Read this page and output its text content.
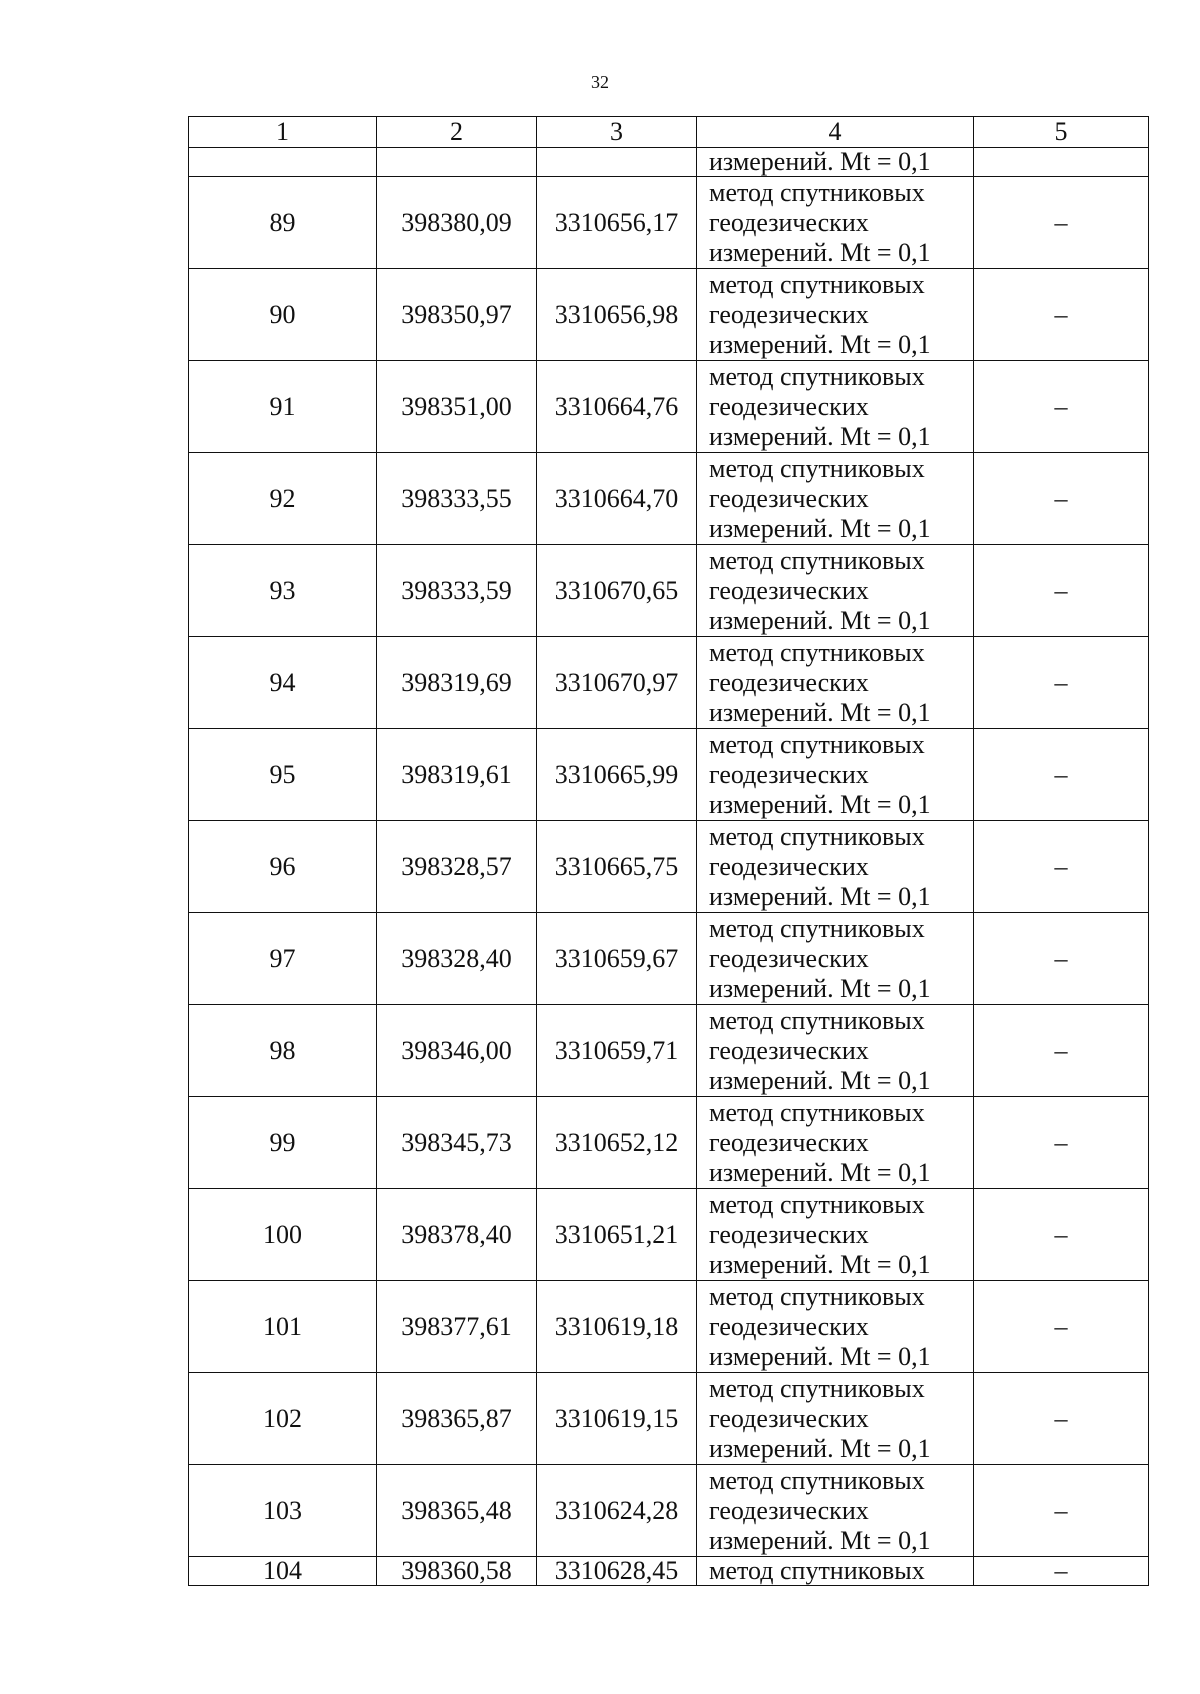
32
1	2	3	4	5
			измерений. Mt = 0,1	
89	398380,09	3310656,17	метод спутниковых
геодезических
измерений. Mt = 0,1	–
90	398350,97	3310656,98	метод спутниковых
геодезических
измерений. Mt = 0,1	–
91	398351,00	3310664,76	метод спутниковых
геодезических
измерений. Mt = 0,1	–
92	398333,55	3310664,70	метод спутниковых
геодезических
измерений. Mt = 0,1	–
93	398333,59	3310670,65	метод спутниковых
геодезических
измерений. Mt = 0,1	–
94	398319,69	3310670,97	метод спутниковых
геодезических
измерений. Mt = 0,1	–
95	398319,61	3310665,99	метод спутниковых
геодезических
измерений. Mt = 0,1	–
96	398328,57	3310665,75	метод спутниковых
геодезических
измерений. Mt = 0,1	–
97	398328,40	3310659,67	метод спутниковых
геодезических
измерений. Mt = 0,1	–
98	398346,00	3310659,71	метод спутниковых
геодезических
измерений. Mt = 0,1	–
99	398345,73	3310652,12	метод спутниковых
геодезических
измерений. Mt = 0,1	–
100	398378,40	3310651,21	метод спутниковых
геодезических
измерений. Mt = 0,1	–
101	398377,61	3310619,18	метод спутниковых
геодезических
измерений. Mt = 0,1	–
102	398365,87	3310619,15	метод спутниковых
геодезических
измерений. Mt = 0,1	–
103	398365,48	3310624,28	метод спутниковых
геодезических
измерений. Mt = 0,1	–
104	398360,58	3310628,45	метод спутниковых	–
